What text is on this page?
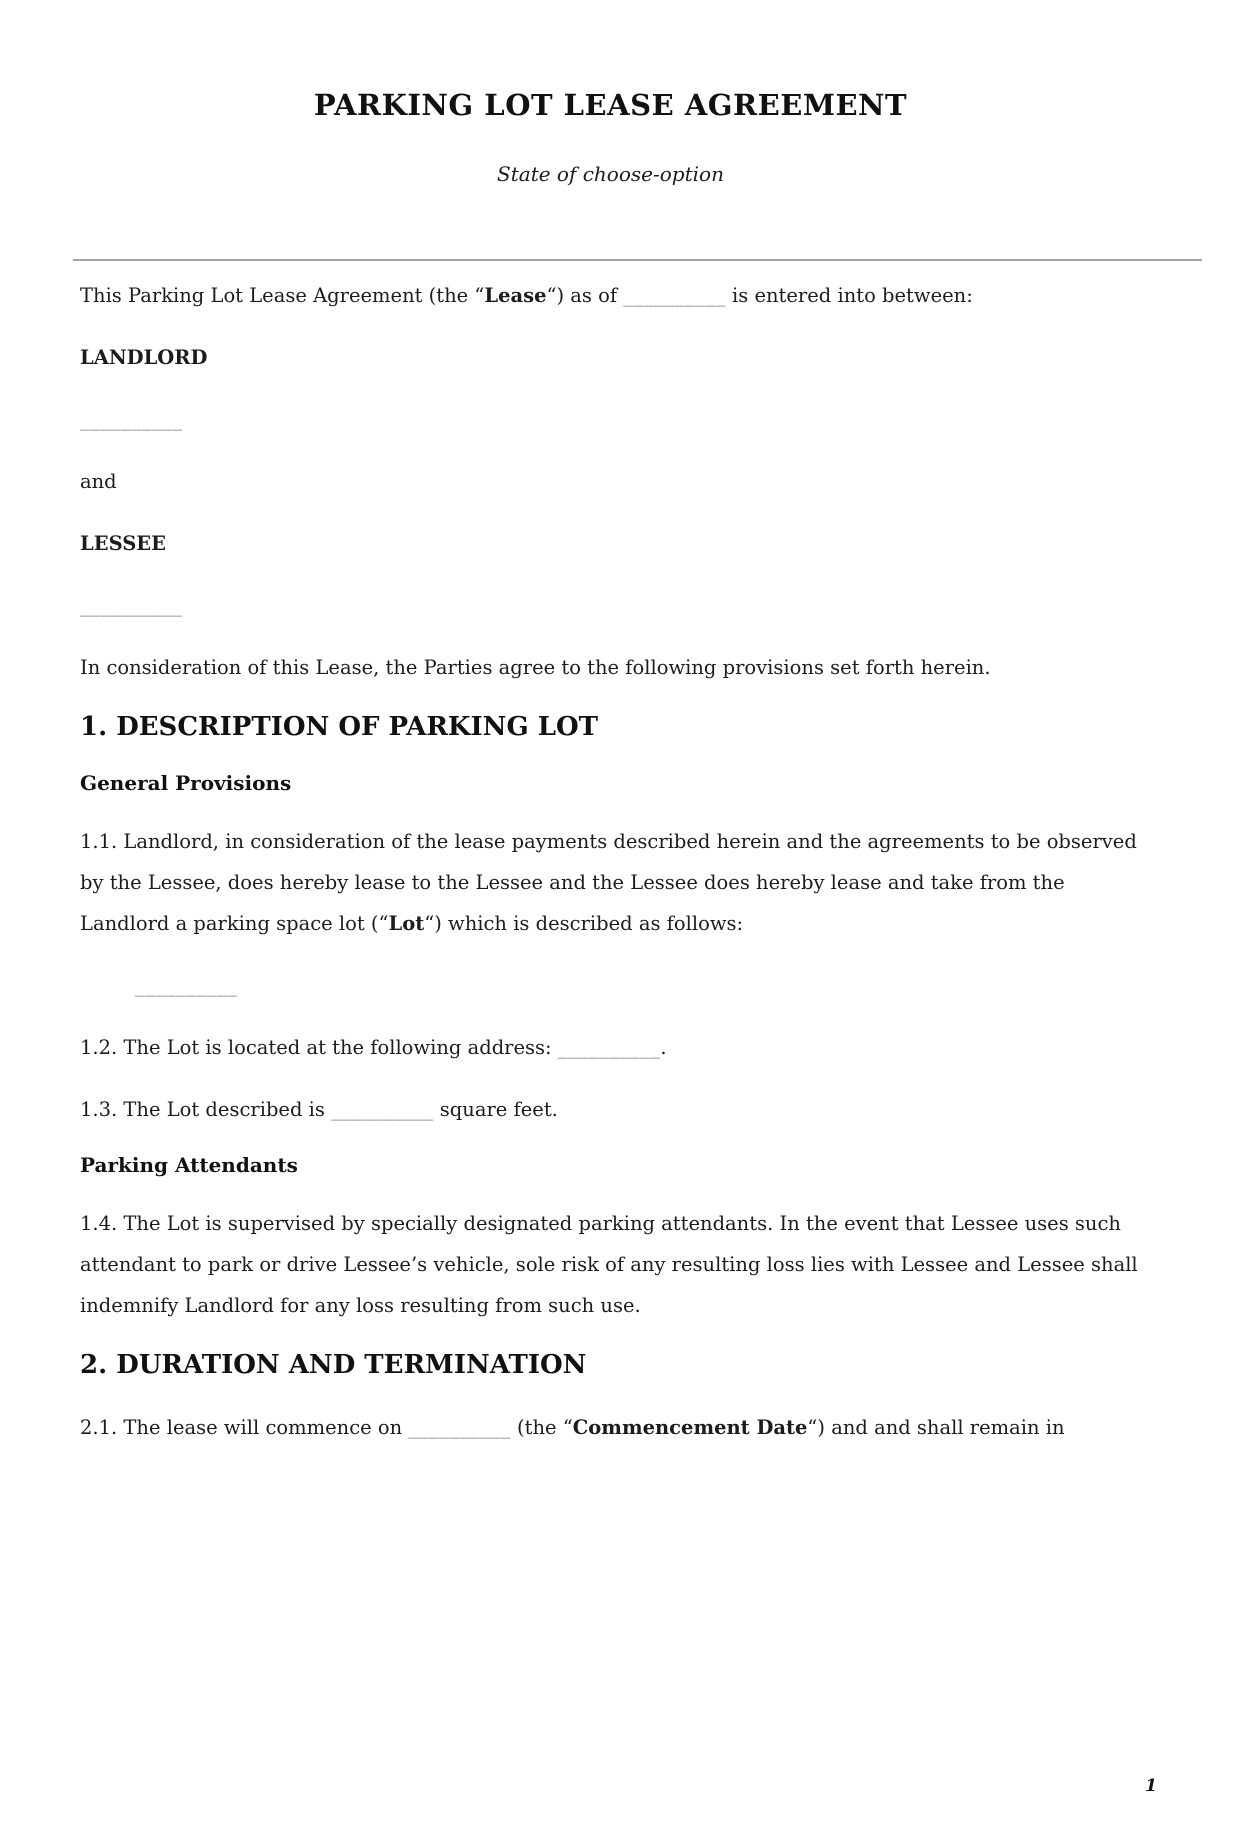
PARKING LOT LEASE AGREEMENT
State of choose-option

This Parking Lot Lease Agreement (the “Lease“) as of __________ is entered into between:

LANDLORD

__________

and

LESSEE

__________

In consideration of this Lease, the Parties agree to the following provisions set forth herein.

1. DESCRIPTION OF PARKING LOT
General Provisions

1.1. Landlord, in consideration of the lease payments described herein and the agreements to be observed by the Lessee, does hereby lease to the Lessee and the Lessee does hereby lease and take from the Landlord a parking space lot (“Lot“) which is described as follows:

__________

1.2. The Lot is located at the following address: __________.

1.3. The Lot described is __________ square feet.

Parking Attendants

1.4. The Lot is supervised by specially designated parking attendants. In the event that Lessee uses such attendant to park or drive Lessee’s vehicle, sole risk of any resulting loss lies with Lessee and Lessee shall indemnify Landlord for any loss resulting from such use.

2. DURATION AND TERMINATION

2.1. The lease will commence on __________ (the “Commencement Date“) and and shall remain in

1
